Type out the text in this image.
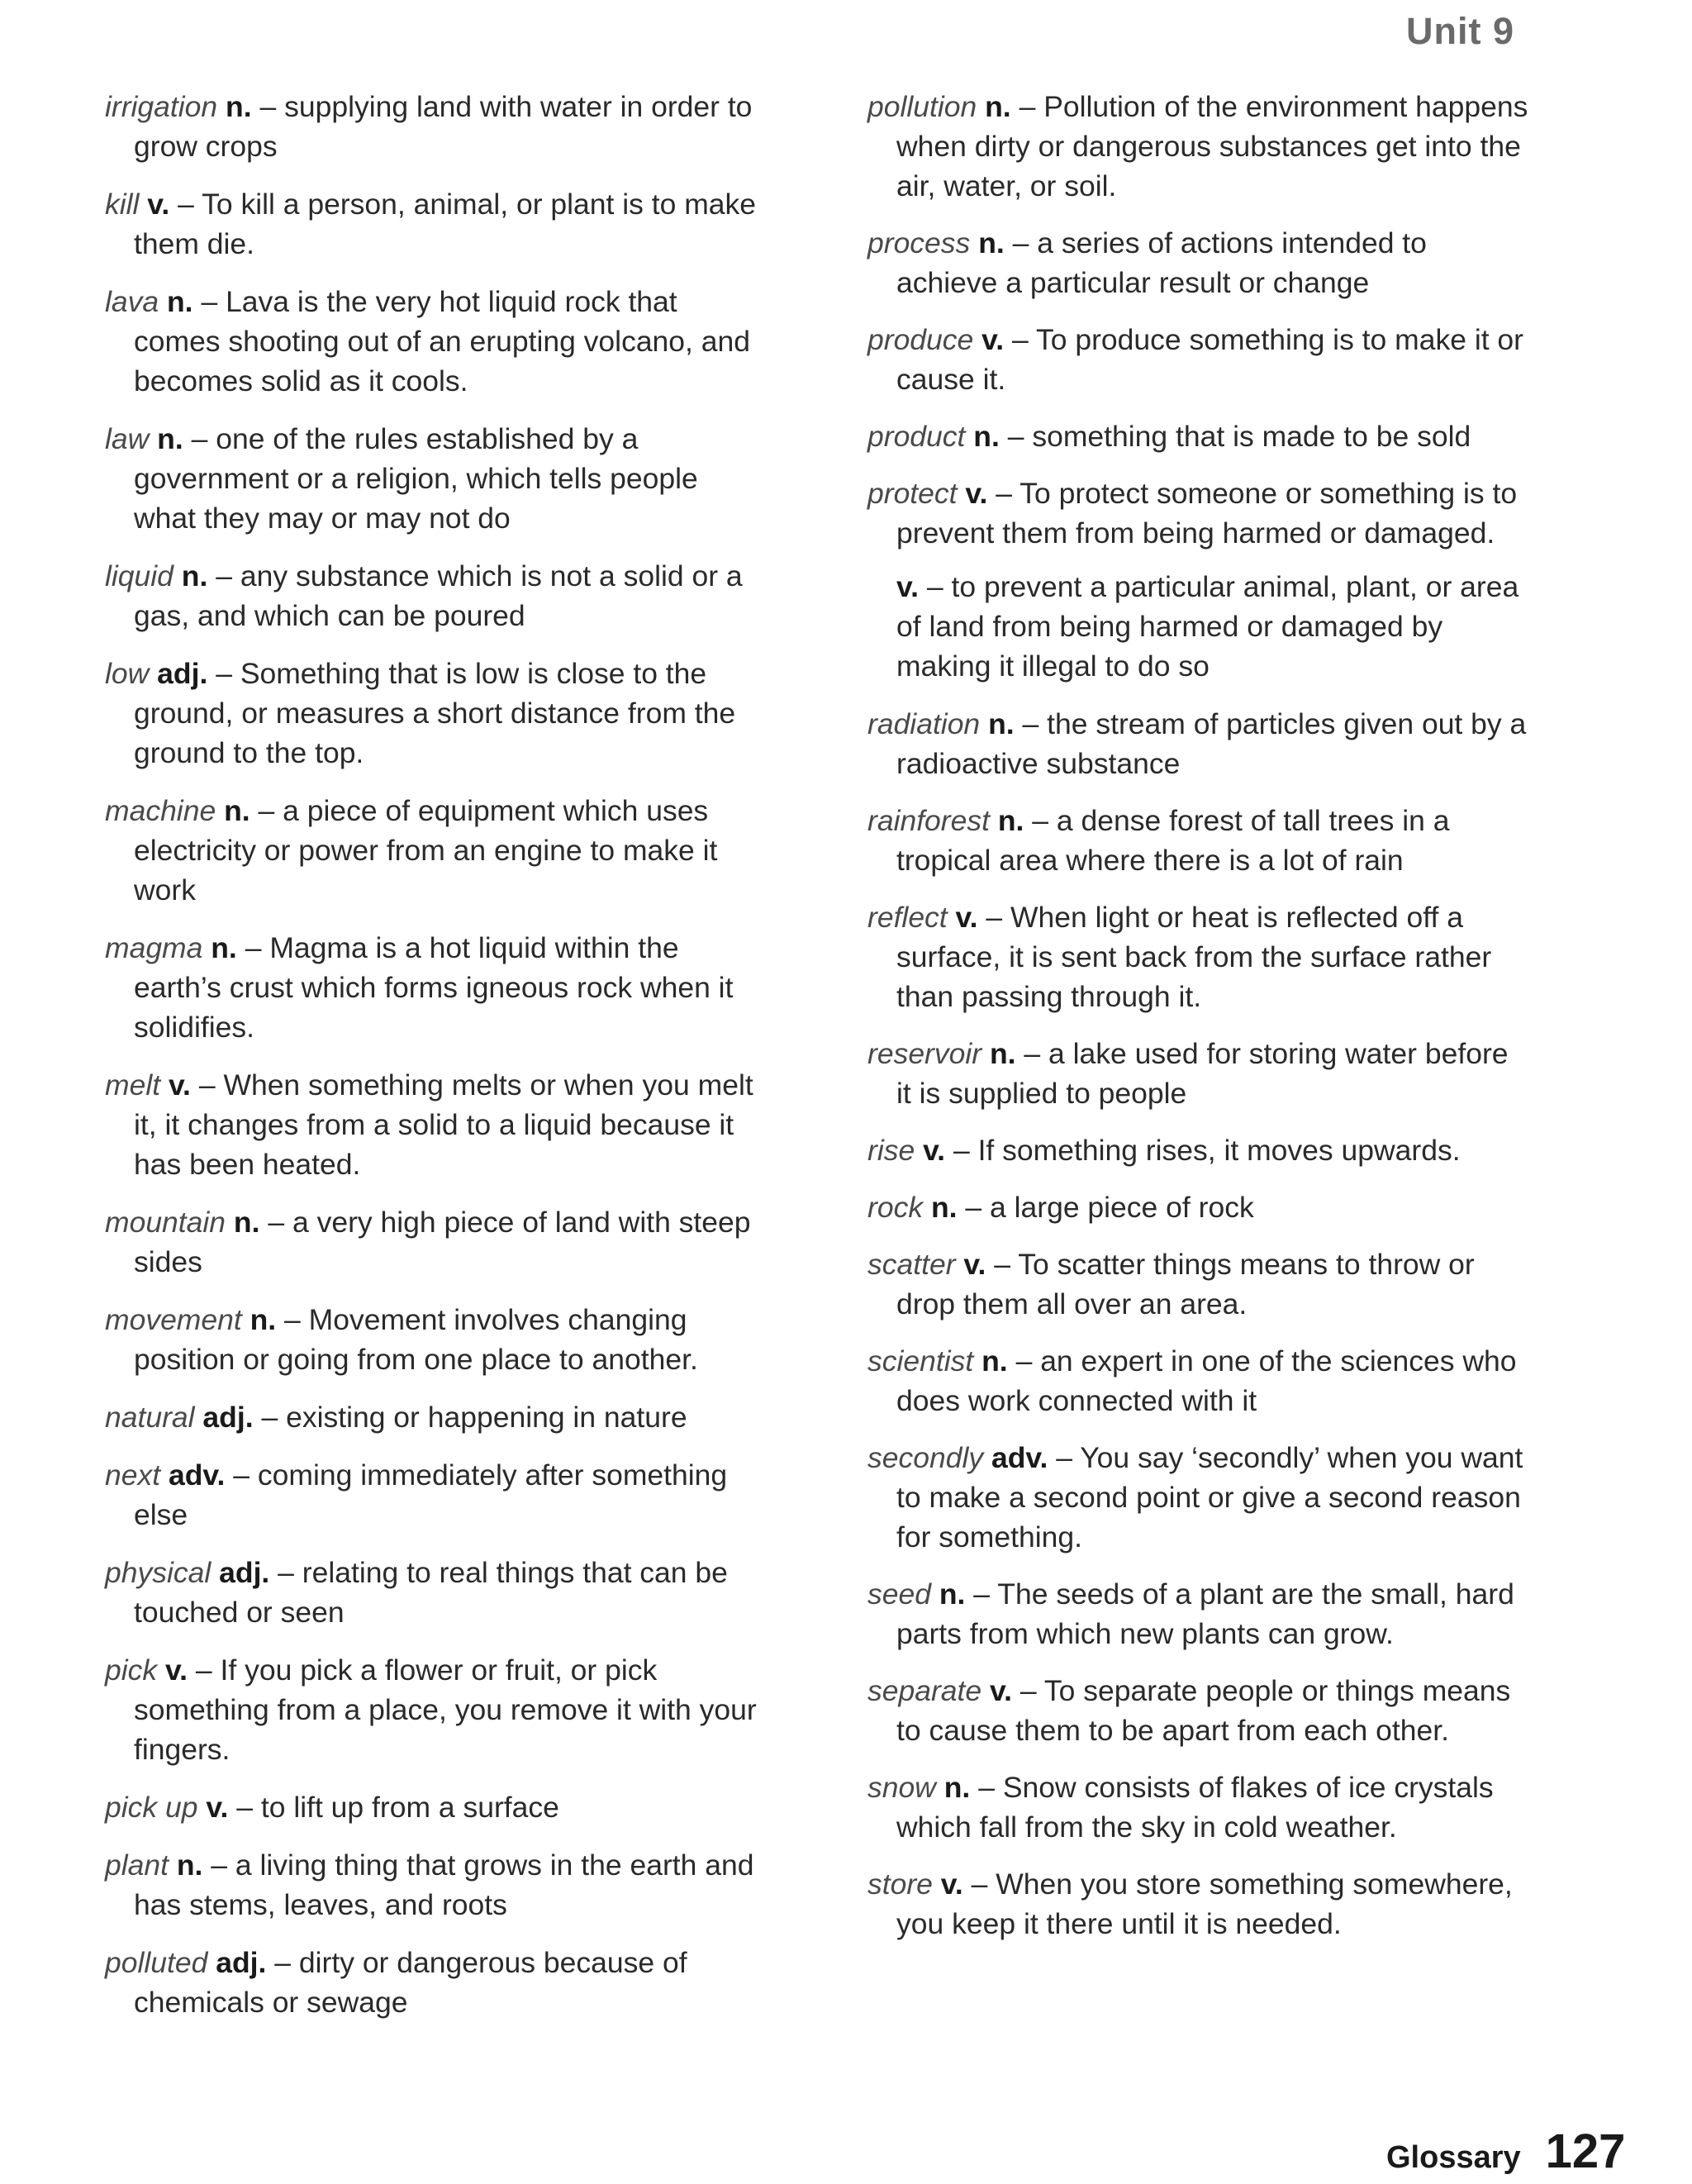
Unit 9
irrigation n. – supplying land with water in order to grow crops
kill v. – To kill a person, animal, or plant is to make them die.
lava n. – Lava is the very hot liquid rock that comes shooting out of an erupting volcano, and becomes solid as it cools.
law n. – one of the rules established by a government or a religion, which tells people what they may or may not do
liquid n. – any substance which is not a solid or a gas, and which can be poured
low adj. – Something that is low is close to the ground, or measures a short distance from the ground to the top.
machine n. – a piece of equipment which uses electricity or power from an engine to make it work
magma n. – Magma is a hot liquid within the earth’s crust which forms igneous rock when it solidifies.
melt v. – When something melts or when you melt it, it changes from a solid to a liquid because it has been heated.
mountain n. – a very high piece of land with steep sides
movement n. – Movement involves changing position or going from one place to another.
natural adj. – existing or happening in nature
next adv. – coming immediately after something else
physical adj. – relating to real things that can be touched or seen
pick v. – If you pick a flower or fruit, or pick something from a place, you remove it with your fingers.
pick up v. – to lift up from a surface
plant n. – a living thing that grows in the earth and has stems, leaves, and roots
polluted adj. – dirty or dangerous because of chemicals or sewage
pollution n. – Pollution of the environment happens when dirty or dangerous substances get into the air, water, or soil.
process n. – a series of actions intended to achieve a particular result or change
produce v. – To produce something is to make it or cause it.
product n. – something that is made to be sold
protect v. – To protect someone or something is to prevent them from being harmed or damaged.
v. – to prevent a particular animal, plant, or area of land from being harmed or damaged by making it illegal to do so
radiation n. – the stream of particles given out by a radioactive substance
rainforest n. – a dense forest of tall trees in a tropical area where there is a lot of rain
reflect v. – When light or heat is reflected off a surface, it is sent back from the surface rather than passing through it.
reservoir n. – a lake used for storing water before it is supplied to people
rise v. – If something rises, it moves upwards.
rock n. – a large piece of rock
scatter v. – To scatter things means to throw or drop them all over an area.
scientist n. – an expert in one of the sciences who does work connected with it
secondly adv. – You say ‘secondly’ when you want to make a second point or give a second reason for something.
seed n. – The seeds of a plant are the small, hard parts from which new plants can grow.
separate v. – To separate people or things means to cause them to be apart from each other.
snow n. – Snow consists of flakes of ice crystals which fall from the sky in cold weather.
store v. – When you store something somewhere, you keep it there until it is needed.
Glossary 127
